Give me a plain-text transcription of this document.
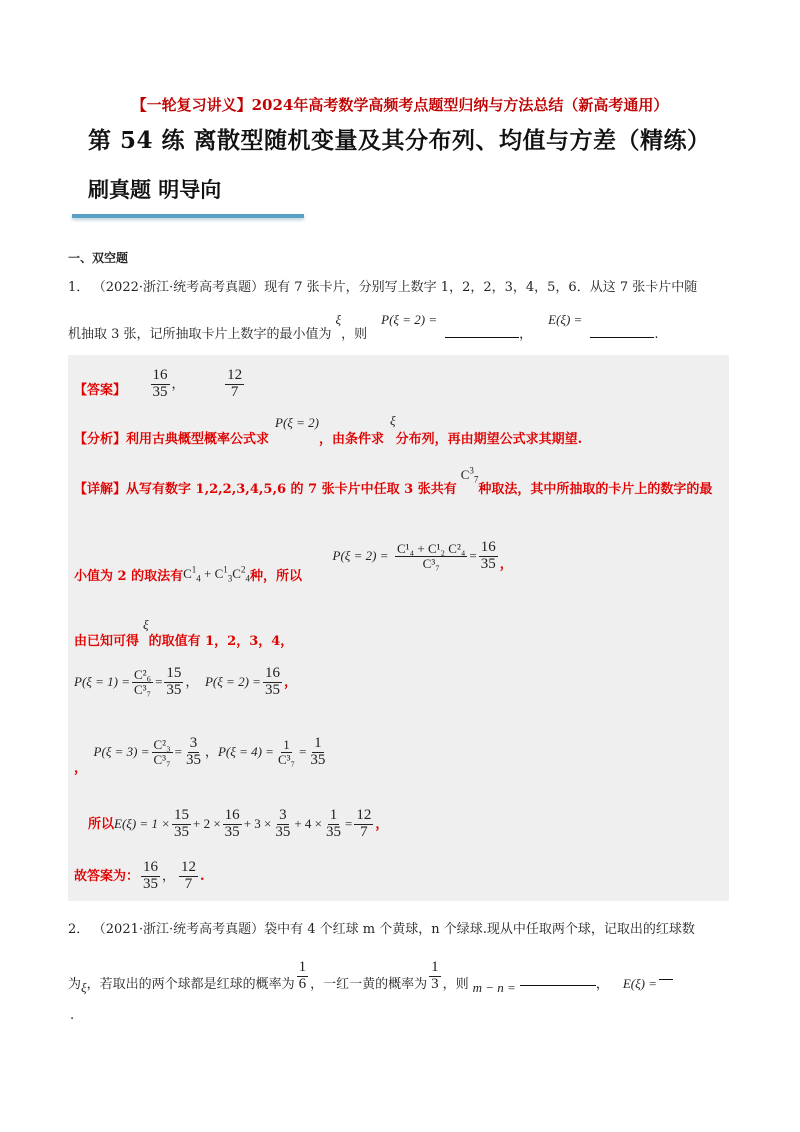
【一轮复习讲义】2024年高考数学高频考点题型归纳与方法总结（新高考通用）
第 54 练 离散型随机变量及其分布列、均值与方差（精练）
刷真题 明导向
一、双空题
1． （2022·浙江·统考高考真题）现有 7 张卡片，分别写上数字 1，2，2，3，4，5，6．从这 7 张卡片中随
机抽取 3 张，记所抽取卡片上数字的最小值为ξ，则P(ξ = 2) =，E(ξ) =.
【答案】 $\frac{16}{35}$ ，	$\frac{12}{7}$
【分析】利用古典概型概率公式求P(ξ = 2)，由条件求ξ分布列，再由期望公式求其期望.
【详解】从写有数字 1,2,2,3,4,5,6 的 7 张卡片中任取 3 张共有$C^3_7$种取法，其中所抽取的卡片上的数字的最
小值为 2 的取法有$C^1_4 + C^1_3C^2_4$种，所以 $P(\xi = 2) = \frac{\text{C¹₄ + C¹₂ C²₄}}{\text{C³₇}} = \frac{16}{35}$ ，
由已知可得ξ的取值有 1，2，3，4，
$P(\xi = 1) = \frac{\text{C²₆}}{\text{C³₇}} = \frac{15}{35}$ ， $P(\xi = 2) = \frac{16}{35}$ ，
， $P(\xi = 3) = \frac{\text{C²₃}}{\text{C³₇}} = \frac{3}{35}$ ，$P(\xi = 4) = \frac{1}{\text{C³₇}} = \frac{1}{35}$
所以$E(\xi) = 1 \times \frac{15}{35} + 2 \times \frac{16}{35} + 3 \times \frac{3}{35} + 4 \times \frac{1}{35} = \frac{12}{7}$ ，
故答案为： $\frac{16}{35}$ ， $\frac{12}{7}$ .
2． （2021·浙江·统考高考真题）袋中有 4 个红球 m 个黄球，n 个绿球.现从中任取两个球，记取出的红球数
为ξ，若取出的两个球都是红球的概率为 $\frac{1}{6}$ ，一红一黄的概率为 $\frac{1}{3}$ ，则 m − n =	， E(ξ) =
.
